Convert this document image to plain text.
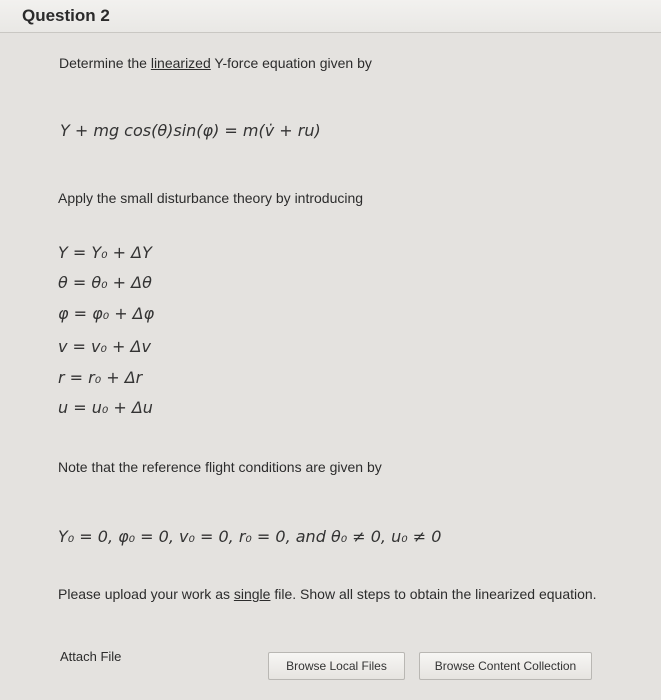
Question 2
Determine the linearized Y-force equation given by
Y + mg cos(θ)sin(φ) = m(v̇ + ru)
Apply the small disturbance theory by introducing
Y = Y₀ + ΔY
θ = θ₀ + Δθ
φ = φ₀ + Δφ
v = v₀ + Δv
r = r₀ + Δr
u = u₀ + Δu
Note that the reference flight conditions are given by
Y₀ = 0, φ₀ = 0, v₀ = 0, r₀ = 0, and θ₀ ≠ 0, u₀ ≠ 0
Please upload your work as single file. Show all steps to obtain the linearized equation.
Attach File
Browse Local Files	Browse Content Collection
